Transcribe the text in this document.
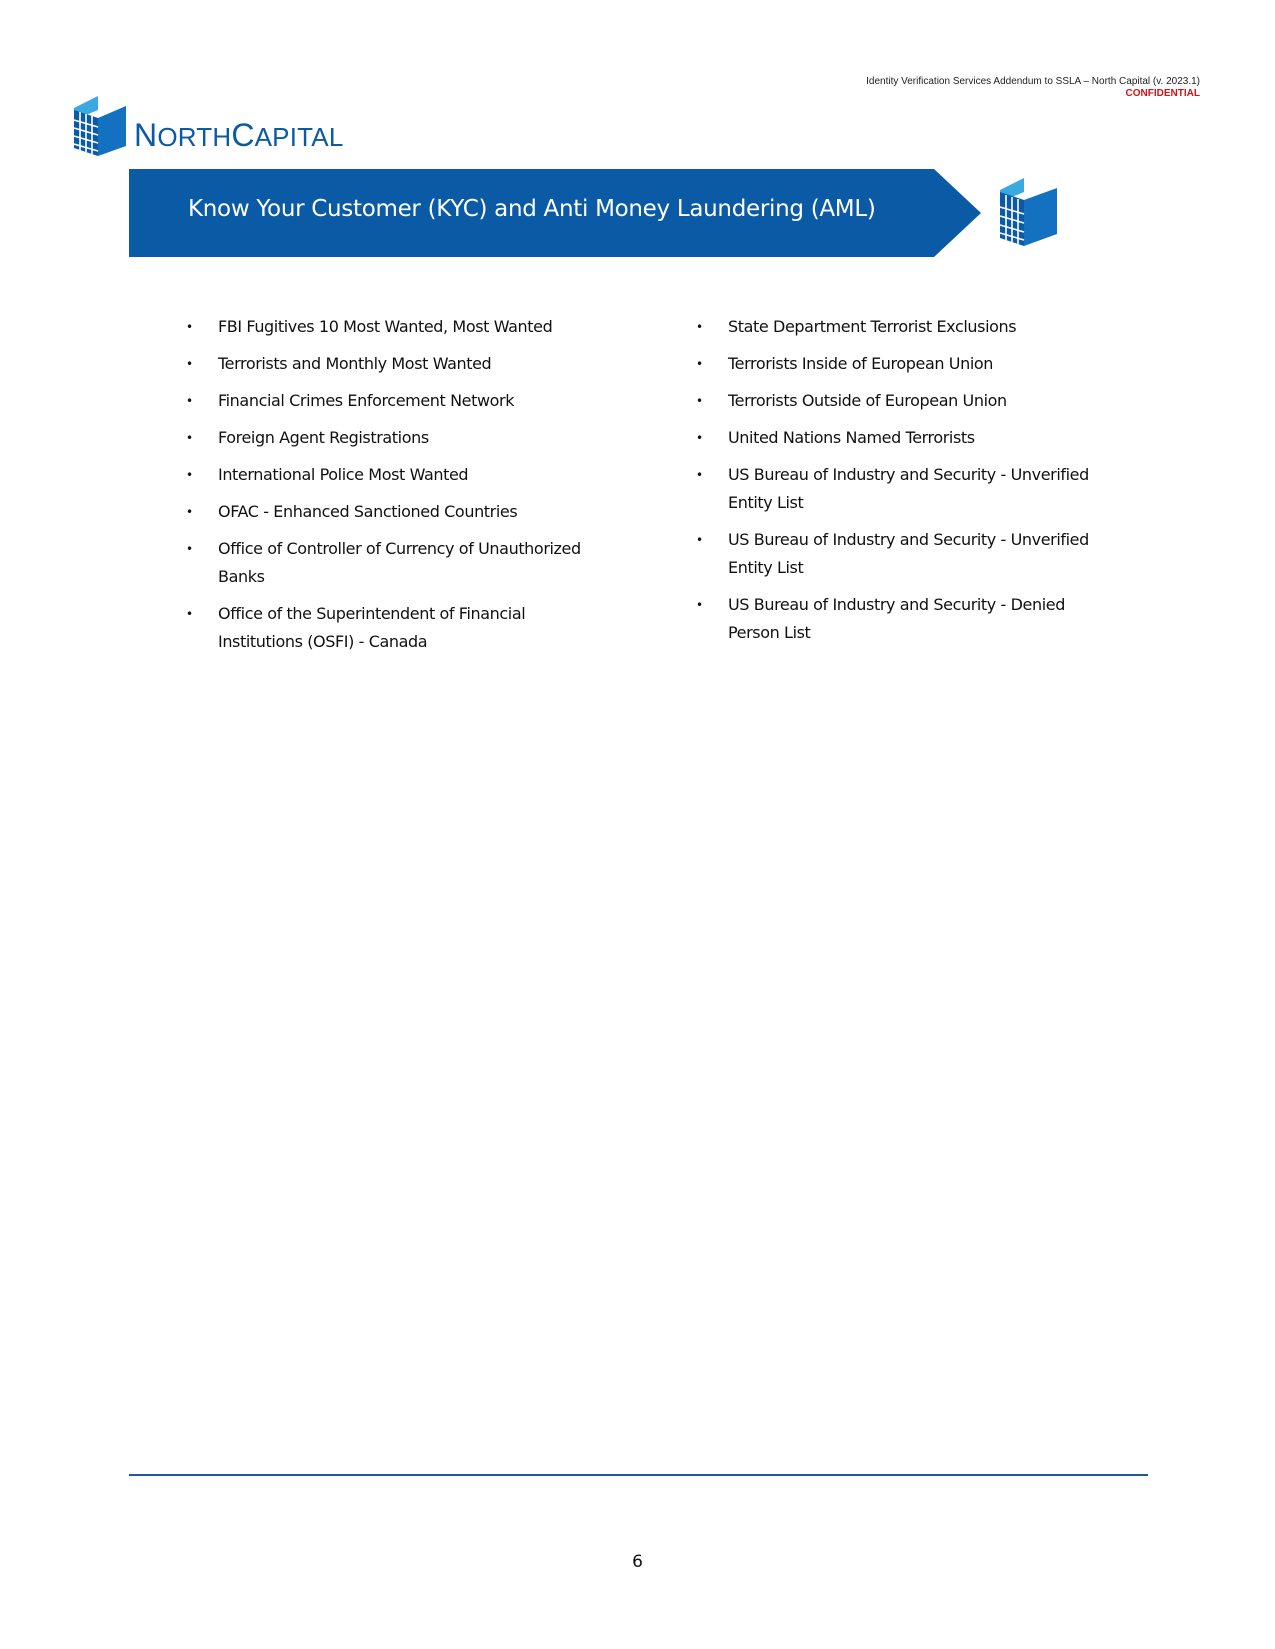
Identity Verification Services Addendum to SSLA – North Capital (v. 2023.1)
CONFIDENTIAL
NORTHCAPITAL
Know Your Customer (KYC) and Anti Money Laundering (AML)
• FBI Fugitives 10 Most Wanted, Most Wanted
• Terrorists and Monthly Most Wanted
• Financial Crimes Enforcement Network
• Foreign Agent Registrations
• International Police Most Wanted
• OFAC - Enhanced Sanctioned Countries
• Office of Controller of Currency of Unauthorized Banks
• Office of the Superintendent of Financial Institutions (OSFI) - Canada
• State Department Terrorist Exclusions
• Terrorists Inside of European Union
• Terrorists Outside of European Union
• United Nations Named Terrorists
• US Bureau of Industry and Security - Unverified Entity List
• US Bureau of Industry and Security - Unverified Entity List
• US Bureau of Industry and Security - Denied Person List
6
